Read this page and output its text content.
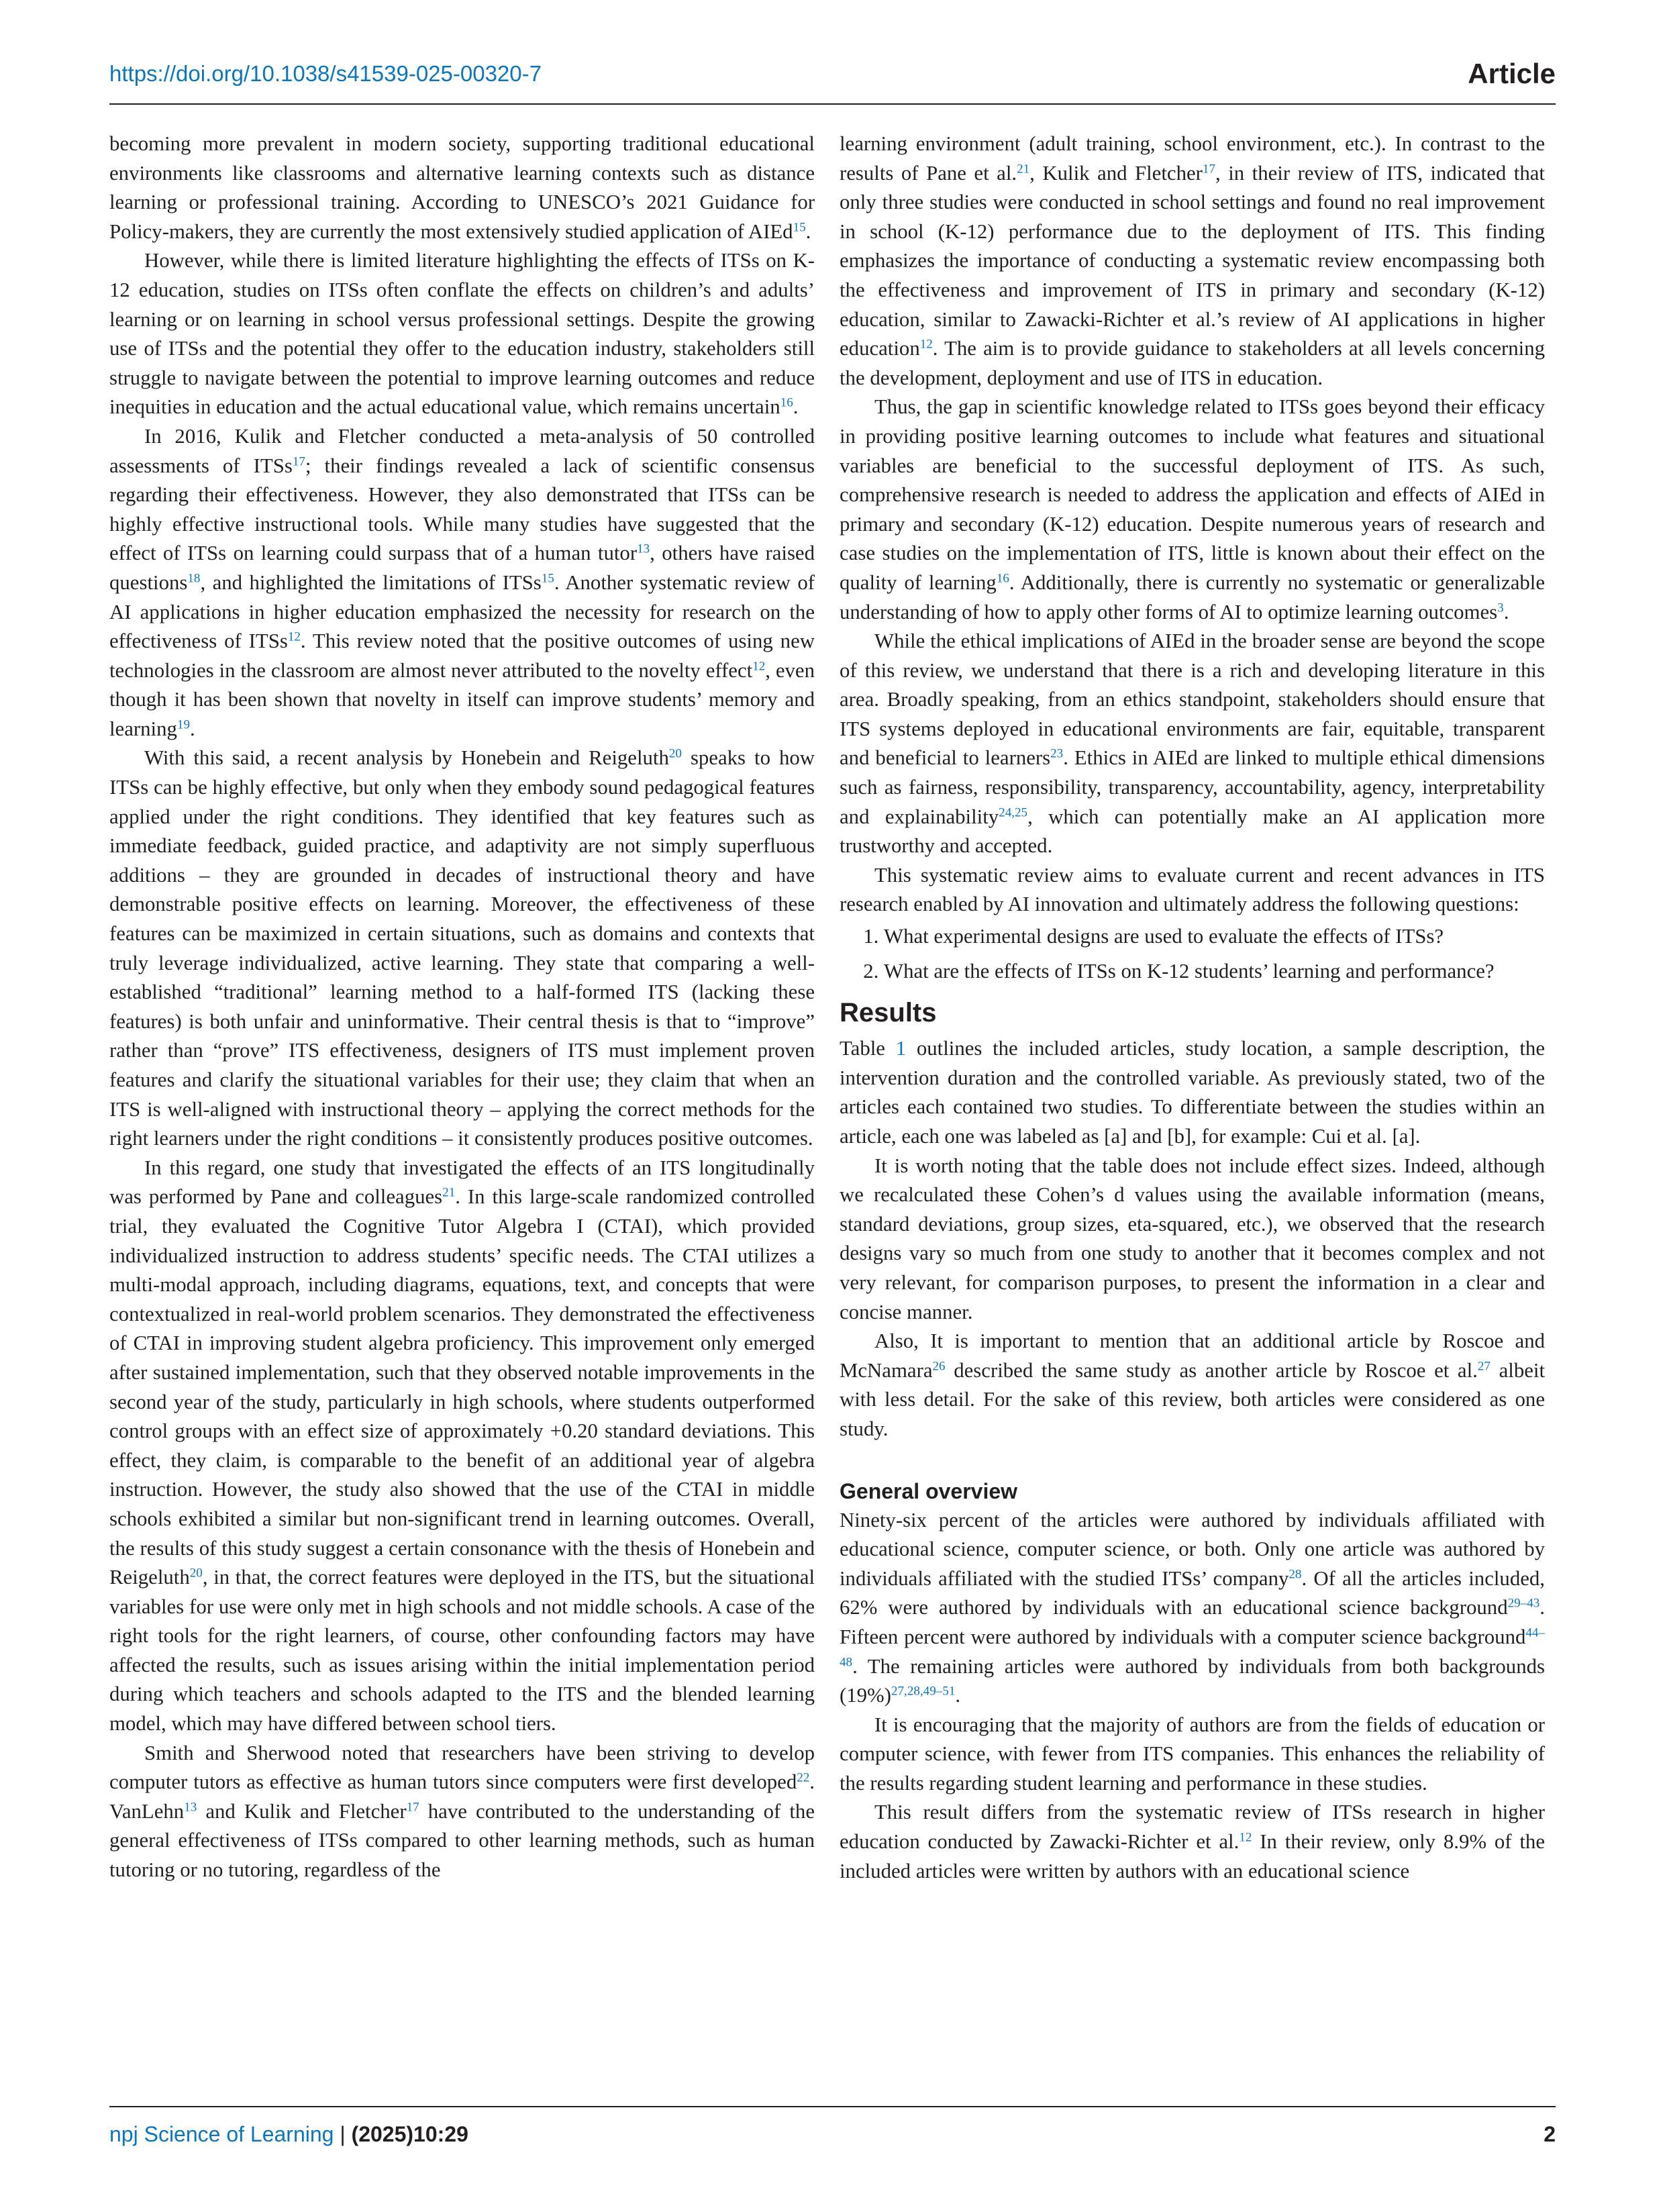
https://doi.org/10.1038/s41539-025-00320-7	Article

becoming more prevalent in modern society, supporting traditional educational environments like classrooms and alternative learning contexts such as distance learning or professional training. According to UNESCO’s 2021 Guidance for Policy-makers, they are currently the most extensively studied application of AIEd$^{15}$.

However, while there is limited literature highlighting the effects of ITSs on K-12 education, studies on ITSs often conflate the effects on children’s and adults’ learning or on learning in school versus professional settings. Despite the growing use of ITSs and the potential they offer to the education industry, stakeholders still struggle to navigate between the potential to improve learning outcomes and reduce inequities in education and the actual educational value, which remains uncertain$^{16}$.

In 2016, Kulik and Fletcher conducted a meta-analysis of 50 controlled assessments of ITSs$^{17}$; their findings revealed a lack of scientific consensus regarding their effectiveness. However, they also demonstrated that ITSs can be highly effective instructional tools. While many studies have suggested that the effect of ITSs on learning could surpass that of a human tutor$^{13}$, others have raised questions$^{18}$, and highlighted the limitations of ITSs$^{15}$. Another systematic review of AI applications in higher education emphasized the necessity for research on the effectiveness of ITSs$^{12}$. This review noted that the positive outcomes of using new technologies in the classroom are almost never attributed to the novelty effect$^{12}$, even though it has been shown that novelty in itself can improve students’ memory and learning$^{19}$.

With this said, a recent analysis by Honebein and Reigeluth$^{20}$ speaks to how ITSs can be highly effective, but only when they embody sound pedagogical features applied under the right conditions. They identified that key features such as immediate feedback, guided practice, and adaptivity are not simply superfluous additions – they are grounded in decades of instructional theory and have demonstrable positive effects on learning. Moreover, the effectiveness of these features can be maximized in certain situations, such as domains and contexts that truly leverage individualized, active learning. They state that comparing a well-established “traditional” learning method to a half-formed ITS (lacking these features) is both unfair and uninformative. Their central thesis is that to “improve” rather than “prove” ITS effectiveness, designers of ITS must implement proven features and clarify the situational variables for their use; they claim that when an ITS is well-aligned with instructional theory – applying the correct methods for the right learners under the right conditions – it consistently produces positive outcomes.

In this regard, one study that investigated the effects of an ITS longitudinally was performed by Pane and colleagues$^{21}$. In this large-scale randomized controlled trial, they evaluated the Cognitive Tutor Algebra I (CTAI), which provided individualized instruction to address students’ specific needs. The CTAI utilizes a multi-modal approach, including diagrams, equations, text, and concepts that were contextualized in real-world problem scenarios. They demonstrated the effectiveness of CTAI in improving student algebra proficiency. This improvement only emerged after sustained implementation, such that they observed notable improvements in the second year of the study, particularly in high schools, where students outperformed control groups with an effect size of approximately +0.20 standard deviations. This effect, they claim, is comparable to the benefit of an additional year of algebra instruction. However, the study also showed that the use of the CTAI in middle schools exhibited a similar but non-significant trend in learning outcomes. Overall, the results of this study suggest a certain consonance with the thesis of Honebein and Reigeluth$^{20}$, in that, the correct features were deployed in the ITS, but the situational variables for use were only met in high schools and not middle schools. A case of the right tools for the right learners, of course, other confounding factors may have affected the results, such as issues arising within the initial implementation period during which teachers and schools adapted to the ITS and the blended learning model, which may have differed between school tiers.

Smith and Sherwood noted that researchers have been striving to develop computer tutors as effective as human tutors since computers were first developed$^{22}$. VanLehn$^{13}$ and Kulik and Fletcher$^{17}$ have contributed to the understanding of the general effectiveness of ITSs compared to other learning methods, such as human tutoring or no tutoring, regardless of the

learning environment (adult training, school environment, etc.). In contrast to the results of Pane et al.$^{21}$, Kulik and Fletcher$^{17}$, in their review of ITS, indicated that only three studies were conducted in school settings and found no real improvement in school (K-12) performance due to the deployment of ITS. This finding emphasizes the importance of conducting a systematic review encompassing both the effectiveness and improvement of ITS in primary and secondary (K-12) education, similar to Zawacki-Richter et al.’s review of AI applications in higher education$^{12}$. The aim is to provide guidance to stakeholders at all levels concerning the development, deployment and use of ITS in education.

Thus, the gap in scientific knowledge related to ITSs goes beyond their efficacy in providing positive learning outcomes to include what features and situational variables are beneficial to the successful deployment of ITS. As such, comprehensive research is needed to address the application and effects of AIEd in primary and secondary (K-12) education. Despite numerous years of research and case studies on the implementation of ITS, little is known about their effect on the quality of learning$^{16}$. Additionally, there is currently no systematic or generalizable understanding of how to apply other forms of AI to optimize learning outcomes$^3$.

While the ethical implications of AIEd in the broader sense are beyond the scope of this review, we understand that there is a rich and developing literature in this area. Broadly speaking, from an ethics standpoint, stakeholders should ensure that ITS systems deployed in educational environments are fair, equitable, transparent and beneficial to learners$^{23}$. Ethics in AIEd are linked to multiple ethical dimensions such as fairness, responsibility, transparency, accountability, agency, interpretability and explainability$^{24,25}$, which can potentially make an AI application more trustworthy and accepted.

This systematic review aims to evaluate current and recent advances in ITS research enabled by AI innovation and ultimately address the following questions:

1. What experimental designs are used to evaluate the effects of ITSs?
2. What are the effects of ITSs on K-12 students’ learning and performance?
Results

Table 1 outlines the included articles, study location, a sample description, the intervention duration and the controlled variable. As previously stated, two of the articles each contained two studies. To differentiate between the studies within an article, each one was labeled as [a] and [b], for example: Cui et al. [a].

It is worth noting that the table does not include effect sizes. Indeed, although we recalculated these Cohen’s d values using the available information (means, standard deviations, group sizes, eta-squared, etc.), we observed that the research designs vary so much from one study to another that it becomes complex and not very relevant, for comparison purposes, to present the information in a clear and concise manner.

Also, It is important to mention that an additional article by Roscoe and McNamara$^{26}$ described the same study as another article by Roscoe et al.$^{27}$ albeit with less detail. For the sake of this review, both articles were considered as one study.

General overview

Ninety-six percent of the articles were authored by individuals affiliated with educational science, computer science, or both. Only one article was authored by individuals affiliated with the studied ITSs’ company$^{28}$. Of all the articles included, 62% were authored by individuals with an educational science background$^{29-43}$. Fifteen percent were authored by individuals with a computer science background$^{44-48}$. The remaining articles were authored by individuals from both backgrounds $(19\%)^{27,28,49-51}$.

It is encouraging that the majority of authors are from the fields of education or computer science, with fewer from ITS companies. This enhances the reliability of the results regarding student learning and performance in these studies.

This result differs from the systematic review of ITSs research in higher education conducted by Zawacki-Richter et al.$^{12}$ In their review, only 8.9% of the included articles were written by authors with an educational science

npj Science of Learning | (2025)10:29	2
